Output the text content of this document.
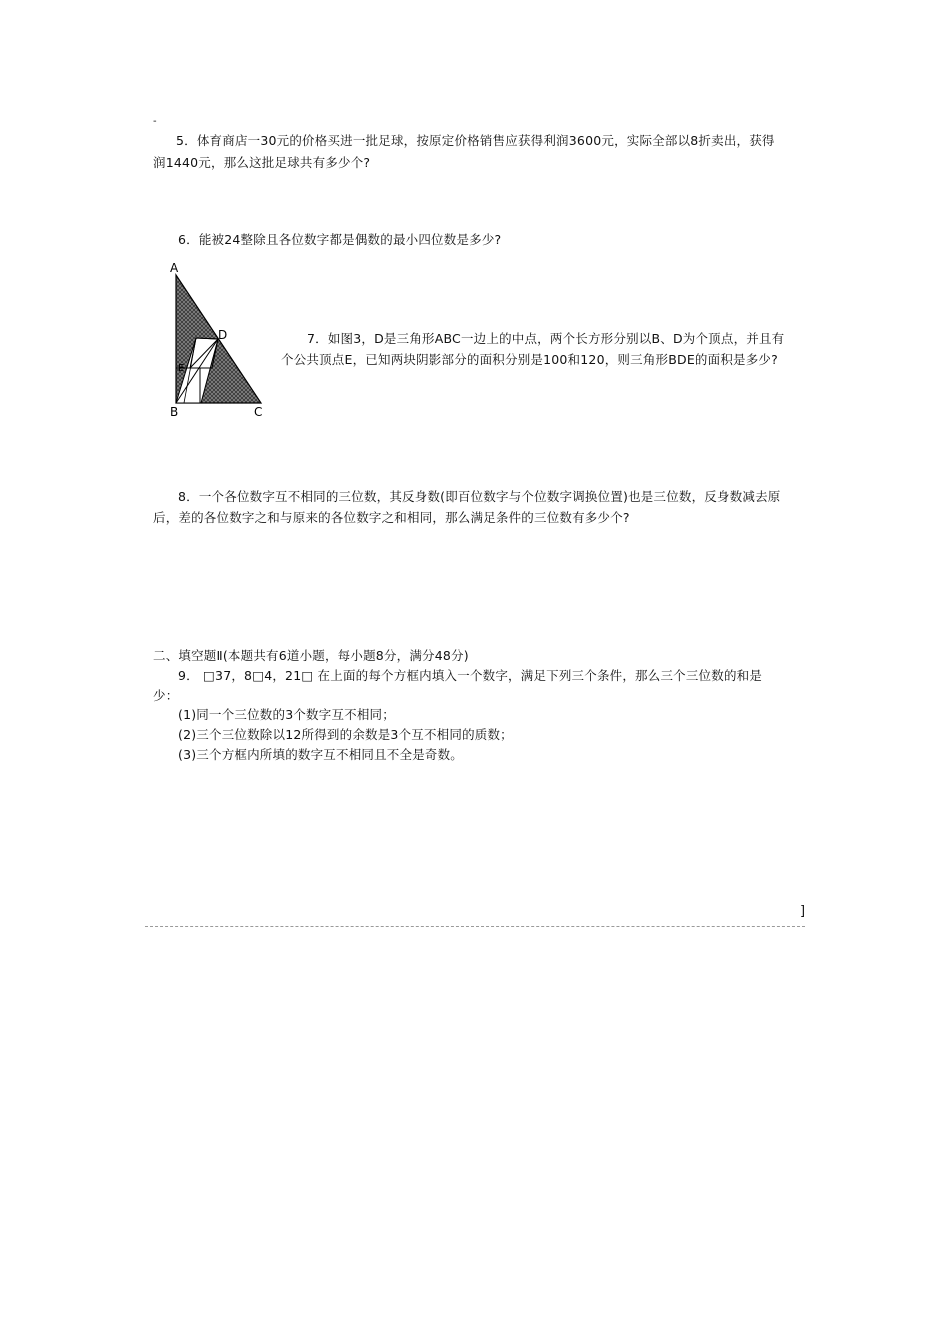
-
5．体育商店一30元的价格买进一批足球，按原定价格销售应获得利润3600元，实际全部以8折卖出，获得
润1440元，那么这批足球共有多少个?
6．能被24整除且各位数字都是偶数的最小四位数是多少?
A
B	C
D
E
7．如图3，D是三角形ABC一边上的中点，两个长方形分别以B、D为个顶点，并且有
个公共顶点E，已知两块阴影部分的面积分别是100和120，则三角形BDE的面积是多少?
8．一个各位数字互不相同的三位数，其反身数(即百位数字与个位数字调换位置)也是三位数，反身数减去原
后，差的各位数字之和与原来的各位数字之和相同，那么满足条件的三位数有多少个?
二、填空题Ⅱ(本题共有6道小题，每小题8分，满分48分)
9． □37，8□4，21□ 在上面的每个方框内填入一个数字，满足下列三个条件，那么三个三位数的和是
少：
(1)同一个三位数的3个数字互不相同；
(2)三个三位数除以12所得到的余数是3个互不相同的质数；
(3)三个方框内所填的数字互不相同且不全是奇数。
]
